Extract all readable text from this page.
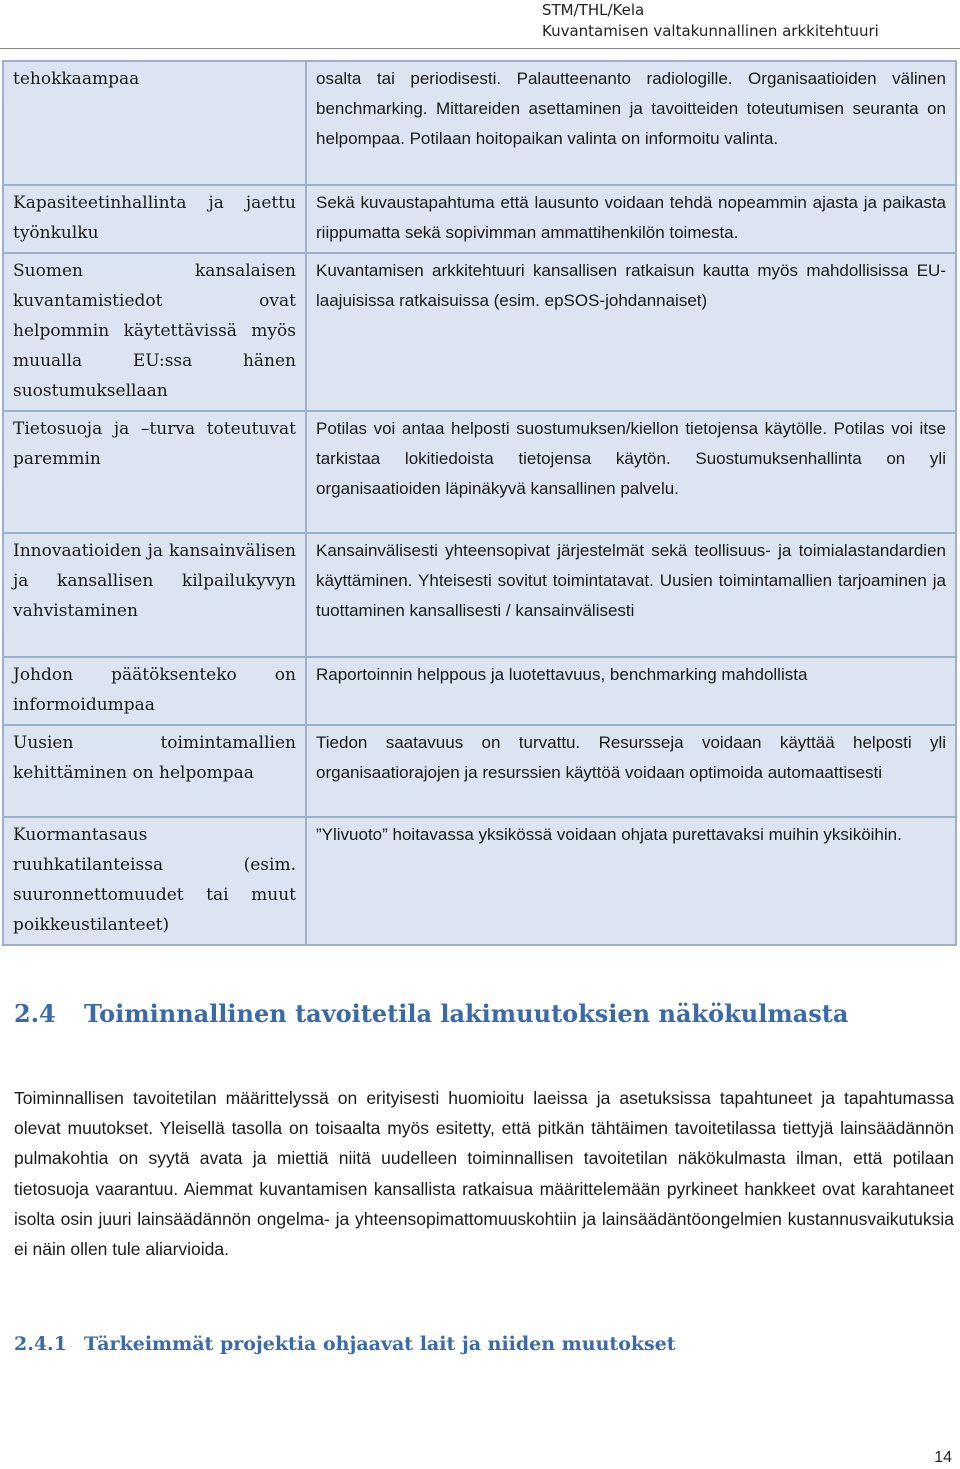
STM/THL/Kela
Kuvantamisen valtakunnallinen arkkitehtuuri
tehokkaampaa	osalta tai periodisesti. Palautteenanto radiologille. Organisaatioiden välinen benchmarking. Mittareiden asettaminen ja tavoitteiden toteutumisen seuranta on helpompaa. Potilaan hoitopaikan valinta on informoitu valinta.
Kapasiteetinhallinta ja jaettu työnkulku	Sekä kuvaustapahtuma että lausunto voidaan tehdä nopeammin ajasta ja paikasta riippumatta sekä sopivimman ammattihenkilön toimesta.
Suomen kansalaisen kuvantamistiedot ovat helpommin käytettävissä myös muualla EU:ssa hänen suostumuksellaan	Kuvantamisen arkkitehtuuri kansallisen ratkaisun kautta myös mahdollisissa EU-laajuisissa ratkaisuissa (esim. epSOS-johdannaiset)
Tietosuoja ja –turva toteutuvat paremmin	Potilas voi antaa helposti suostumuksen/kiellon tietojensa käytölle. Potilas voi itse tarkistaa lokitiedoista tietojensa käytön. Suostumuksenhallinta on yli organisaatioiden läpinäkyvä kansallinen palvelu.
Innovaatioiden ja kansainvälisen ja kansallisen kilpailukyvyn vahvistaminen	Kansainvälisesti yhteensopivat järjestelmät sekä teollisuus- ja toimialastandardien käyttäminen. Yhteisesti sovitut toimintatavat. Uusien toimintamallien tarjoaminen ja tuottaminen kansallisesti / kansainvälisesti
Johdon päätöksenteko on informoidumpaa	Raportoinnin helppous ja luotettavuus, benchmarking mahdollista
Uusien toimintamallien kehittäminen on helpompaa	Tiedon saatavuus on turvattu. Resursseja voidaan käyttää helposti yli organisaatiorajojen ja resurssien käyttöä voidaan optimoida automaattisesti
Kuormantasaus ruuhkatilanteissa (esim. suuronnettomuudet tai muut poikkeustilanteet)	”Ylivuoto” hoitavassa yksikössä voidaan ohjata purettavaksi muihin yksiköihin.
2.4 Toiminnallinen tavoitetila lakimuutoksien näkökulmasta
Toiminnallisen tavoitetilan määrittelyssä on erityisesti huomioitu laeissa ja asetuksissa tapahtuneet ja tapahtumassa olevat muutokset. Yleisellä tasolla on toisaalta myös esitetty, että pitkän tähtäimen tavoitetilassa tiettyjä lainsäädännön pulmakohtia on syytä avata ja miettiä niitä uudelleen toiminnallisen tavoitetilan näkökulmasta ilman, että potilaan tietosuoja vaarantuu. Aiemmat kuvantamisen kansallista ratkaisua määrittelemään pyrkineet hankkeet ovat karahtaneet isolta osin juuri lainsäädännön ongelma- ja yhteensopimattomuuskohtiin ja lainsäädäntöongelmien kustannusvaikutuksia ei näin ollen tule aliarvioida.
2.4.1 Tärkeimmät projektia ohjaavat lait ja niiden muutokset
14
